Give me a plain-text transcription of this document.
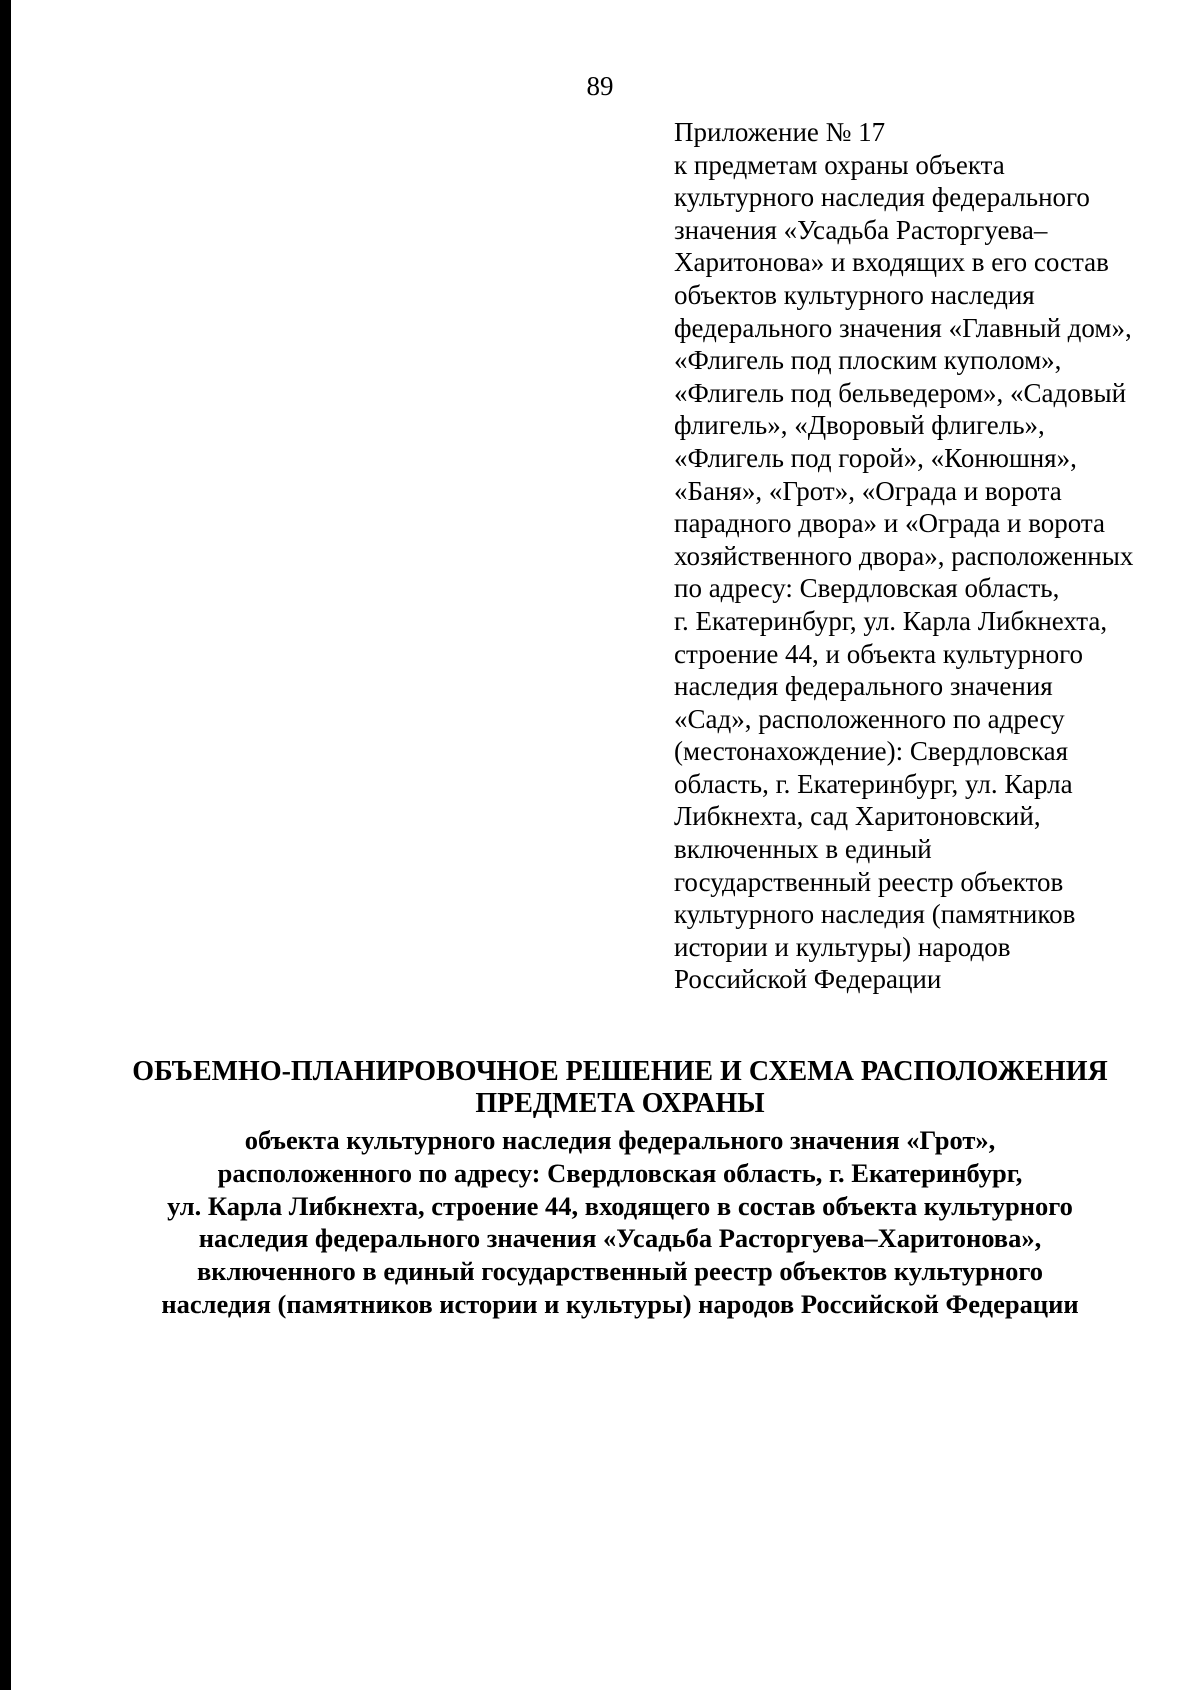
89
Приложение № 17
к предметам охраны объекта
культурного наследия федерального
значения «Усадьба Расторгуева–
Харитонова» и входящих в его состав
объектов культурного наследия
федерального значения «Главный дом»,
«Флигель под плоским куполом»,
«Флигель под бельведером», «Садовый
флигель», «Дворовый флигель»,
«Флигель под горой», «Конюшня»,
«Баня», «Грот», «Ограда и ворота
парадного двора» и «Ограда и ворота
хозяйственного двора», расположенных
по адресу: Свердловская область,
г. Екатеринбург, ул. Карла Либкнехта,
строение 44, и объекта культурного
наследия федерального значения
«Сад», расположенного по адресу
(местонахождение): Свердловская
область, г. Екатеринбург, ул. Карла
Либкнехта, сад Харитоновский,
включенных в единый
государственный реестр объектов
культурного наследия (памятников
истории и культуры) народов
Российской Федерации
ОБЪЕМНО-ПЛАНИРОВОЧНОЕ РЕШЕНИЕ И СХЕМА РАСПОЛОЖЕНИЯ
ПРЕДМЕТА ОХРАНЫ
объекта культурного наследия федерального значения «Грот»,
расположенного по адресу: Свердловская область, г. Екатеринбург,
ул. Карла Либкнехта, строение 44, входящего в состав объекта культурного
наследия федерального значения «Усадьба Расторгуева–Харитонова»,
включенного в единый государственный реестр объектов культурного
наследия (памятников истории и культуры) народов Российской Федерации
